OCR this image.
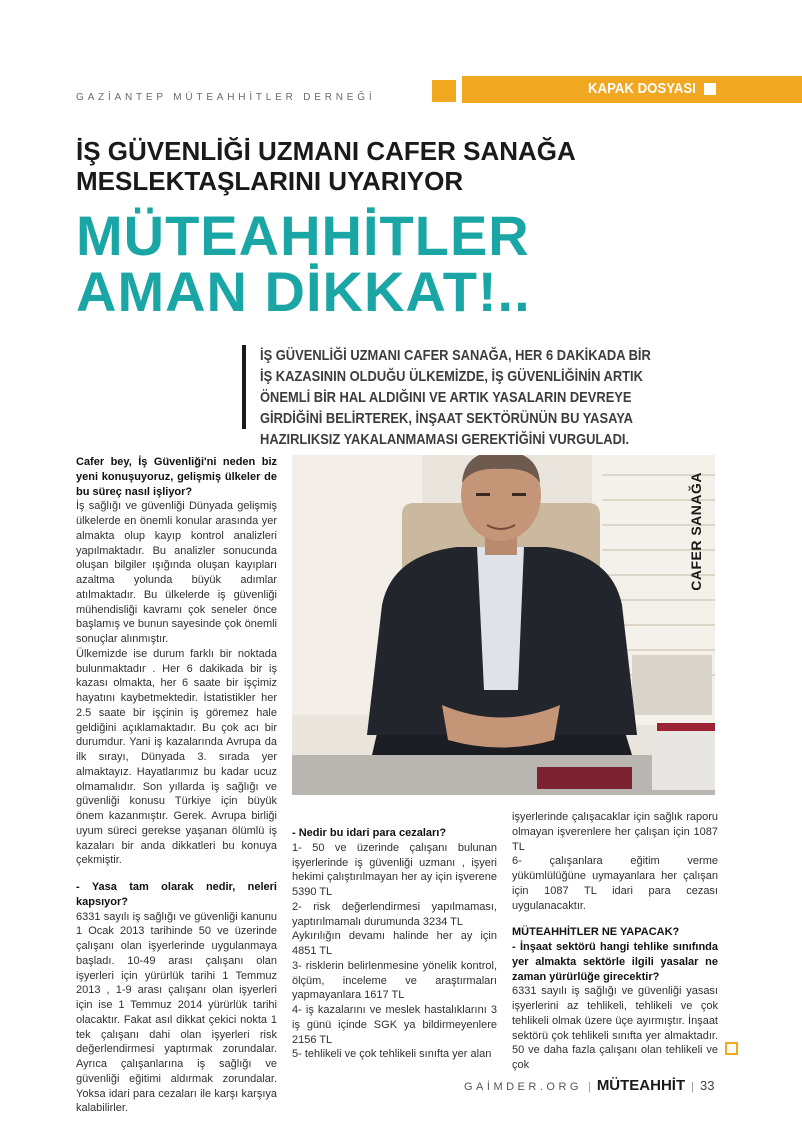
GAZİANTEP MÜTEAHHİTLER DERNEĞİ
KAPAK DOSYASI
İŞ GÜVENLİĞİ UZMANI CAFER SANAĞA MESLEKTAŞLARINI UYARIYOR
MÜTEAHHİTLER
AMAN DİKKAT!..
İŞ GÜVENLİĞİ UZMANI CAFER SANAĞA, HER 6 DAKİKADA BİR İŞ KAZASININ OLDUĞU ÜLKEMİZDE, İŞ GÜVENLİĞİNİN ARTIK ÖNEMLİ BİR HAL ALDIĞINI VE ARTIK YASALARIN DEVREYE GİRDİĞİNİ BELİRTEREK, İNŞAAT SEKTÖRÜNÜN BU YASAYA HAZIRLIKSIZ YAKALANMAMASI GEREKTİĞİNİ VURGULADI.

Cafer bey, İş Güvenliği'ni neden biz yeni konuşuyoruz, gelişmiş ülkeler de bu süreç nasıl işliyor?

İş sağlığı ve güvenliği Dünyada gelişmiş ülkelerde en önemli konular arasında yer almakta olup kayıp kontrol analizleri yapılmaktadır. Bu analizler sonucunda oluşan bilgiler ışığında oluşan kayıpları azaltma yolunda büyük adımlar atılmaktadır. Bu ülkelerde iş güvenliği mühendisliği kavramı çok seneler önce başlamış ve bunun sayesinde çok önemli sonuçlar alınmıştır.

Ülkemizde ise durum farklı bir noktada bulunmaktadır . Her 6 dakikada bir iş kazası olmakta, her 6 saate bir işçimiz hayatını kaybetmektedir. İstatistikler her 2.5 saate bir işçinin iş göremez hale geldiğini açıklamaktadır. Bu çok acı bir durumdur. Yani iş kazalarında Avrupa da ilk sırayı, Dünyada 3. sırada yer almaktayız. Hayatlarımız bu kadar ucuz olmamalıdır. Son yıllarda iş sağlığı ve güvenliği konusu Türkiye için büyük önem kazanmıştır. Gerek. Avrupa birliği uyum süreci gerekse yaşanan ölümlü iş kazaları bir anda dikkatleri bu konuya çekmiştir.

- Yasa tam olarak nedir, neleri kapsıyor?

6331 sayılı iş sağlığı ve güvenliği kanunu 1 Ocak 2013 tarihinde 50 ve üzerinde çalışanı olan işyerlerinde uygulanmaya başladı. 10-49 arası çalışanı olan işyerleri için yürürlük tarihi 1 Temmuz 2013 , 1-9 arası çalışanı olan işyerleri için ise 1 Temmuz 2014 yürürlük tarihi olacaktır. Fakat asıl dikkat çekici nokta 1 tek çalışanı dahi olan işyerleri risk değerlendirmesi yaptırmak zorundalar. Ayrıca çalışanlarına iş sağlığı ve güvenliği eğitimi aldırmak zorundalar. Yoksa idari para cezaları ile karşı karşıya kalabilirler.

CAFER SANAĞA

- Nedir bu idari para cezaları?

1- 50 ve üzerinde çalışanı bulunan işyerlerinde iş güvenliği uzmanı , işyeri hekimi çalıştırılmayan her ay için işverene 5390 TL

2- risk değerlendirmesi yapılmaması, yaptırılmamalı durumunda 3234 TL

Aykırılığın devamı halinde her ay için 4851 TL

3- risklerin belirlenmesine yönelik kontrol, ölçüm, inceleme ve araştırmaları yapmayanlara 1617 TL

4- iş kazalarını ve meslek hastalıklarını 3 iş günü içinde SGK ya bildirmeyenlere 2156 TL

5- tehlikeli ve çok tehlikeli sınıfta yer alan

işyerlerinde çalışacaklar için sağlık raporu olmayan işverenlere her çalışan için 1087 TL

6- çalışanlara eğitim verme yükümlülüğüne uymayanlara her çalışan için 1087 TL idari para cezası uygulanacaktır.

MÜTEAHHİTLER NE YAPACAK?

- İnşaat sektörü hangi tehlike sınıfında yer almakta sektörle ilgili yasalar ne zaman yürürlüğe girecektir?

6331 sayılı iş sağlığı ve güvenliği yasası işyerlerini az tehlikeli, tehlikeli ve çok tehlikeli olmak üzere üçe ayırmıştır. İnşaat sektörü çok tehlikeli sınıfta yer almaktadır. 50 ve daha fazla çalışanı olan tehlikeli ve çok

GAİMDER.ORG | MÜTEAHHİT | 33
